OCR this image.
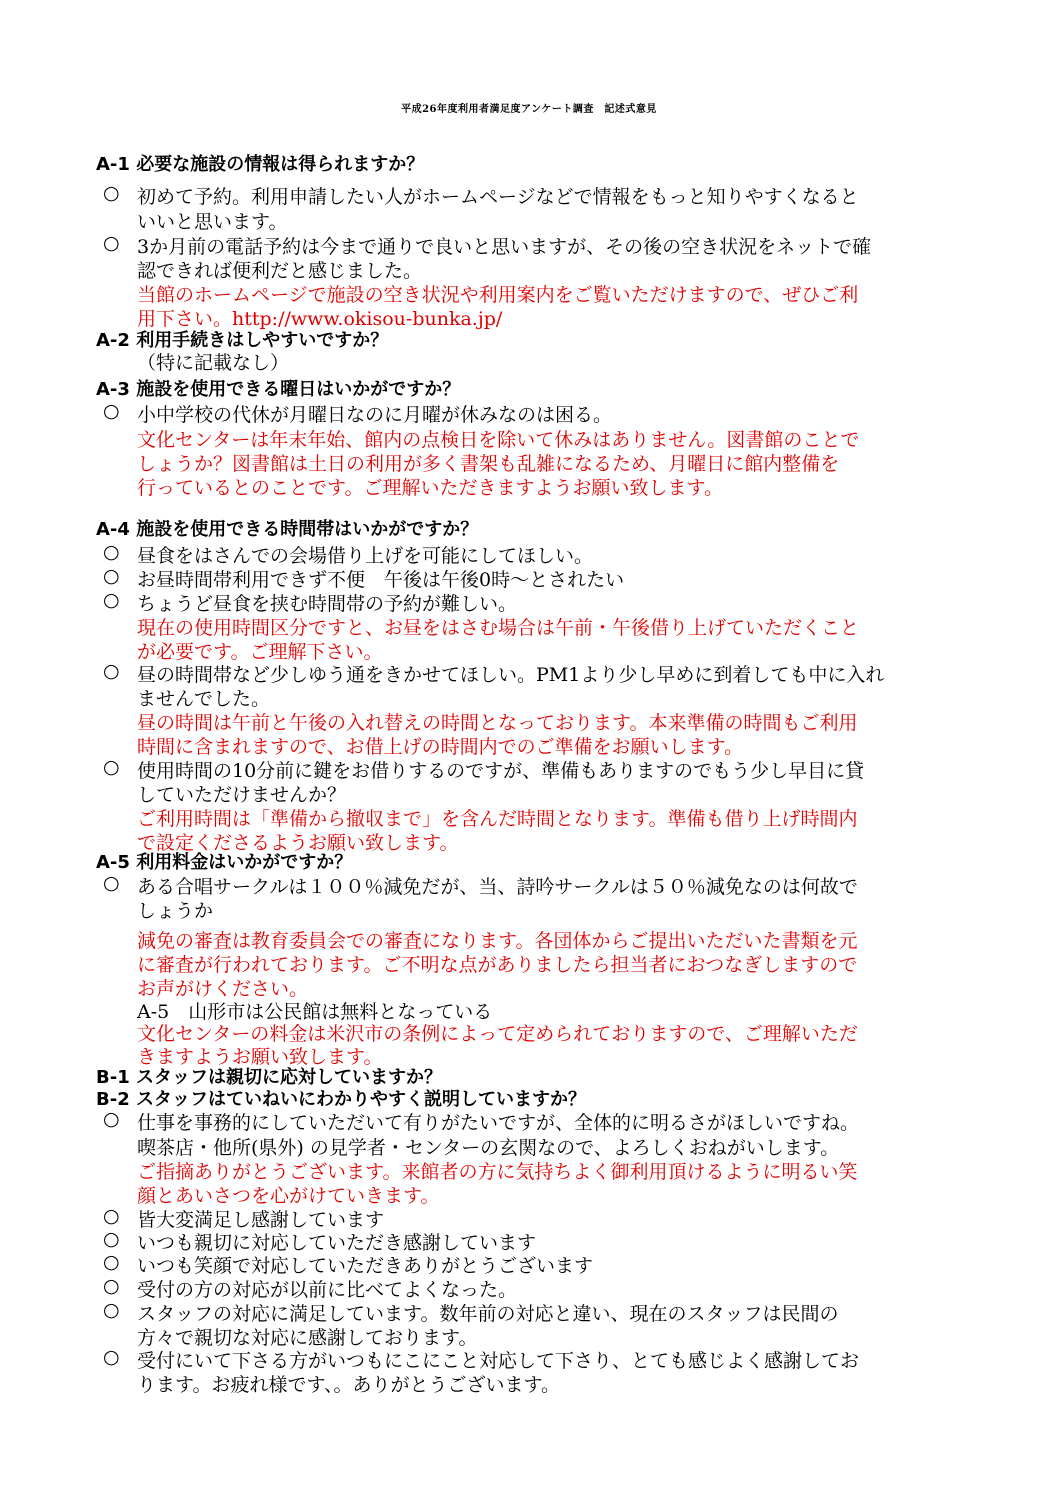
平成26年度利用者満足度アンケート調査　記述式意見
A-1 必要な施設の情報は得られますか？
○ 初めて予約。利用申請したい人がホームページなどで情報をもっと知りやすくなると
いいと思います。
○ 3か月前の電話予約は今まで通りで良いと思いますが、その後の空き状況をネットで確
認できれば便利だと感じました。
当館のホームページで施設の空き状況や利用案内をご覧いただけますので、ぜひご利
用下さい。http://www.okisou-bunka.jp/
A-2 利用手続きはしやすいですか？
（特に記載なし）
A-3 施設を使用できる曜日はいかがですか？
○ 小中学校の代休が月曜日なのに月曜が休みなのは困る。
文化センターは年末年始、館内の点検日を除いて休みはありません。図書館のことで
しょうか？図書館は土日の利用が多く書架も乱雑になるため、月曜日に館内整備を
行っているとのことです。ご理解いただきますようお願い致します。
A-4 施設を使用できる時間帯はいかがですか？
○ 昼食をはさんでの会場借り上げを可能にしてほしい。
○ お昼時間帯利用できず不便　午後は午後0時～とされたい
○ ちょうど昼食を挟む時間帯の予約が難しい。
現在の使用時間区分ですと、お昼をはさむ場合は午前・午後借り上げていただくこと
が必要です。ご理解下さい。
○ 昼の時間帯など少しゆう通をきかせてほしい。PM1より少し早めに到着しても中に入れ
ませんでした。
昼の時間は午前と午後の入れ替えの時間となっております。本来準備の時間もご利用
時間に含まれますので、お借上げの時間内でのご準備をお願いします。
○ 使用時間の10分前に鍵をお借りするのですが、準備もありますのでもう少し早目に貸
していただけませんか？
ご利用時間は「準備から撤収まで」を含んだ時間となります。準備も借り上げ時間内
で設定くださるようお願い致します。
A-5 利用料金はいかがですか？
○ ある合唱サークルは１００％減免だが、当、詩吟サークルは５０％減免なのは何故で
しょうか
減免の審査は教育委員会での審査になります。各団体からご提出いただいた書類を元
に審査が行われております。ご不明な点がありましたら担当者におつなぎしますので
お声がけください。
A-5　山形市は公民館は無料となっている
文化センターの料金は米沢市の条例によって定められておりますので、ご理解いただ
きますようお願い致します。
B-1 スタッフは親切に応対していますか？
B-2 スタッフはていねいにわかりやすく説明していますか？
○ 仕事を事務的にしていただいて有りがたいですが、全体的に明るさがほしいですね。
喫茶店・他所(県外) の見学者・センターの玄関なので、よろしくおねがいします。
ご指摘ありがとうございます。来館者の方に気持ちよく御利用頂けるように明るい笑
顔とあいさつを心がけていきます。
○ 皆大変満足し感謝しています
○ いつも親切に対応していただき感謝しています
○ いつも笑顔で対応していただきありがとうございます
○ 受付の方の対応が以前に比べてよくなった。
○ スタッフの対応に満足しています。数年前の対応と違い、現在のスタッフは民間の
方々で親切な対応に感謝しております。
○ 受付にいて下さる方がいつもにこにこと対応して下さり、とても感じよく感謝してお
ります。お疲れ様です、。ありがとうございます。
